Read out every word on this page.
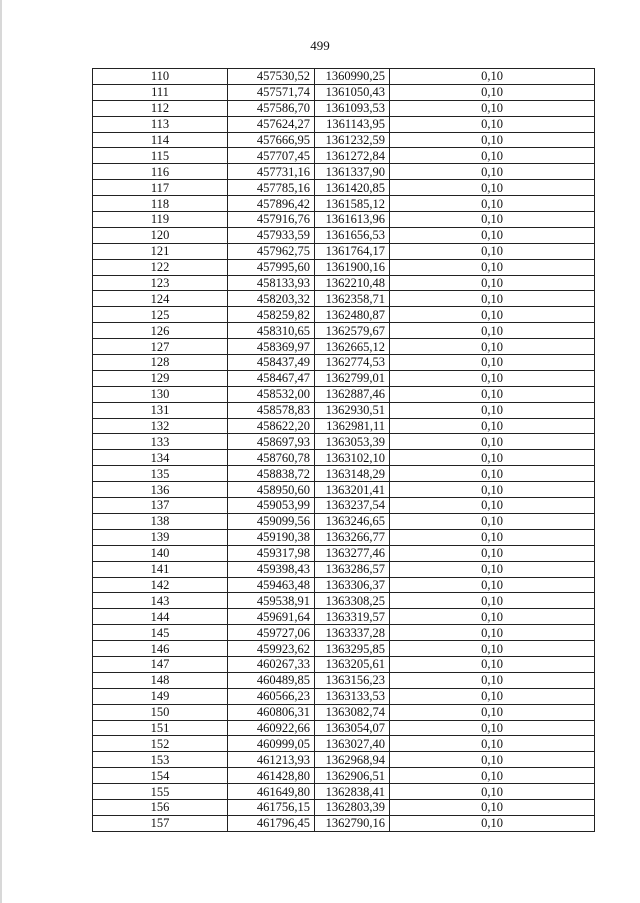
499
110	457530,52	1360990,25	0,10
111	457571,74	1361050,43	0,10
112	457586,70	1361093,53	0,10
113	457624,27	1361143,95	0,10
114	457666,95	1361232,59	0,10
115	457707,45	1361272,84	0,10
116	457731,16	1361337,90	0,10
117	457785,16	1361420,85	0,10
118	457896,42	1361585,12	0,10
119	457916,76	1361613,96	0,10
120	457933,59	1361656,53	0,10
121	457962,75	1361764,17	0,10
122	457995,60	1361900,16	0,10
123	458133,93	1362210,48	0,10
124	458203,32	1362358,71	0,10
125	458259,82	1362480,87	0,10
126	458310,65	1362579,67	0,10
127	458369,97	1362665,12	0,10
128	458437,49	1362774,53	0,10
129	458467,47	1362799,01	0,10
130	458532,00	1362887,46	0,10
131	458578,83	1362930,51	0,10
132	458622,20	1362981,11	0,10
133	458697,93	1363053,39	0,10
134	458760,78	1363102,10	0,10
135	458838,72	1363148,29	0,10
136	458950,60	1363201,41	0,10
137	459053,99	1363237,54	0,10
138	459099,56	1363246,65	0,10
139	459190,38	1363266,77	0,10
140	459317,98	1363277,46	0,10
141	459398,43	1363286,57	0,10
142	459463,48	1363306,37	0,10
143	459538,91	1363308,25	0,10
144	459691,64	1363319,57	0,10
145	459727,06	1363337,28	0,10
146	459923,62	1363295,85	0,10
147	460267,33	1363205,61	0,10
148	460489,85	1363156,23	0,10
149	460566,23	1363133,53	0,10
150	460806,31	1363082,74	0,10
151	460922,66	1363054,07	0,10
152	460999,05	1363027,40	0,10
153	461213,93	1362968,94	0,10
154	461428,80	1362906,51	0,10
155	461649,80	1362838,41	0,10
156	461756,15	1362803,39	0,10
157	461796,45	1362790,16	0,10
